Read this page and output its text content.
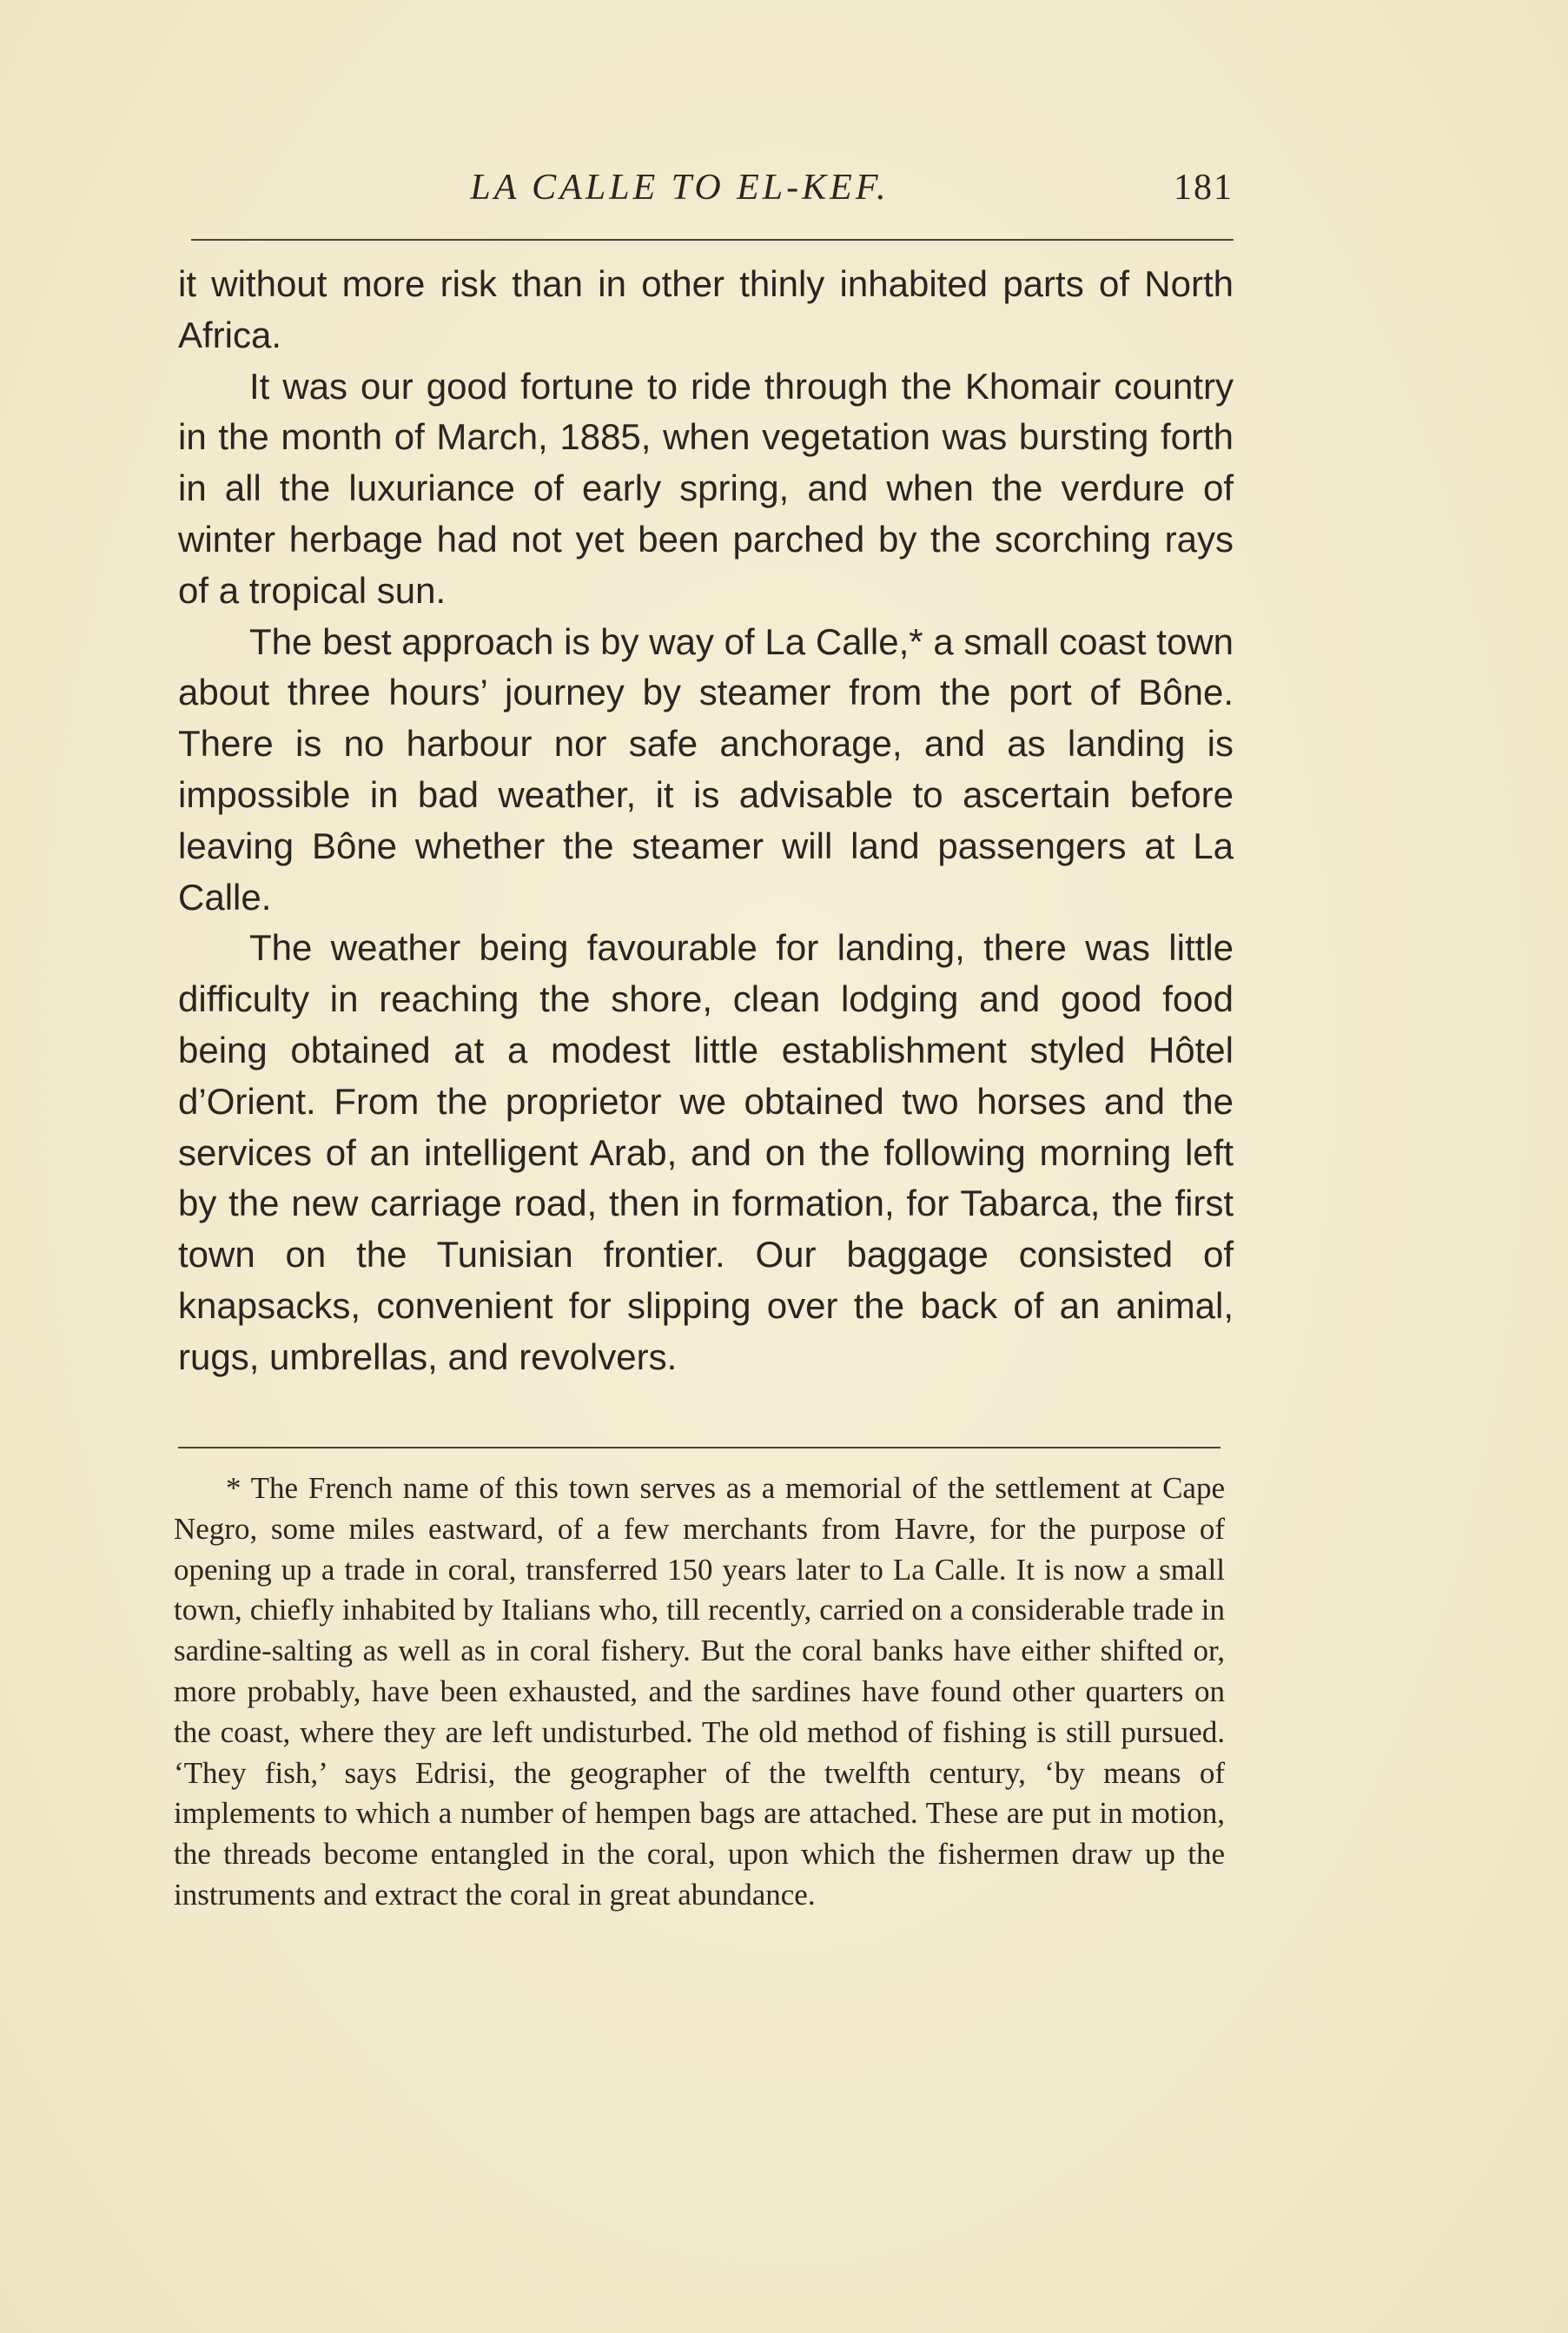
LA CALLE TO EL-KEF.	181

it without more risk than in other thinly inhabited parts of North Africa.

It was our good fortune to ride through the Khomair country in the month of March, 1885, when vegetation was bursting forth in all the luxuriance of early spring, and when the verdure of winter herbage had not yet been parched by the scorching rays of a tropical sun.

The best approach is by way of La Calle,* a small coast town about three hours’ journey by steamer from the port of Bône. There is no harbour nor safe anchorage, and as landing is impossible in bad weather, it is advisable to ascertain before leaving Bône whether the steamer will land passengers at La Calle.

The weather being favourable for landing, there was little difficulty in reaching the shore, clean lodging and good food being obtained at a modest little establishment styled Hôtel d’Orient. From the proprietor we obtained two horses and the services of an intelligent Arab, and on the following morning left by the new carriage road, then in formation, for Tabarca, the first town on the Tunisian frontier. Our baggage consisted of knapsacks, convenient for slipping over the back of an animal, rugs, umbrellas, and revolvers.

* The French name of this town serves as a memorial of the settlement at Cape Negro, some miles eastward, of a few merchants from Havre, for the purpose of opening up a trade in coral, transferred 150 years later to La Calle. It is now a small town, chiefly inhabited by Italians who, till recently, carried on a considerable trade in sardine-salting as well as in coral fishery. But the coral banks have either shifted or, more probably, have been exhausted, and the sardines have found other quarters on the coast, where they are left undisturbed. The old method of fishing is still pursued. ‘They fish,’ says Edrisi, the geographer of the twelfth century, ‘by means of implements to which a number of hempen bags are attached. These are put in motion, the threads become entangled in the coral, upon which the fishermen draw up the instruments and extract the coral in great abundance.
